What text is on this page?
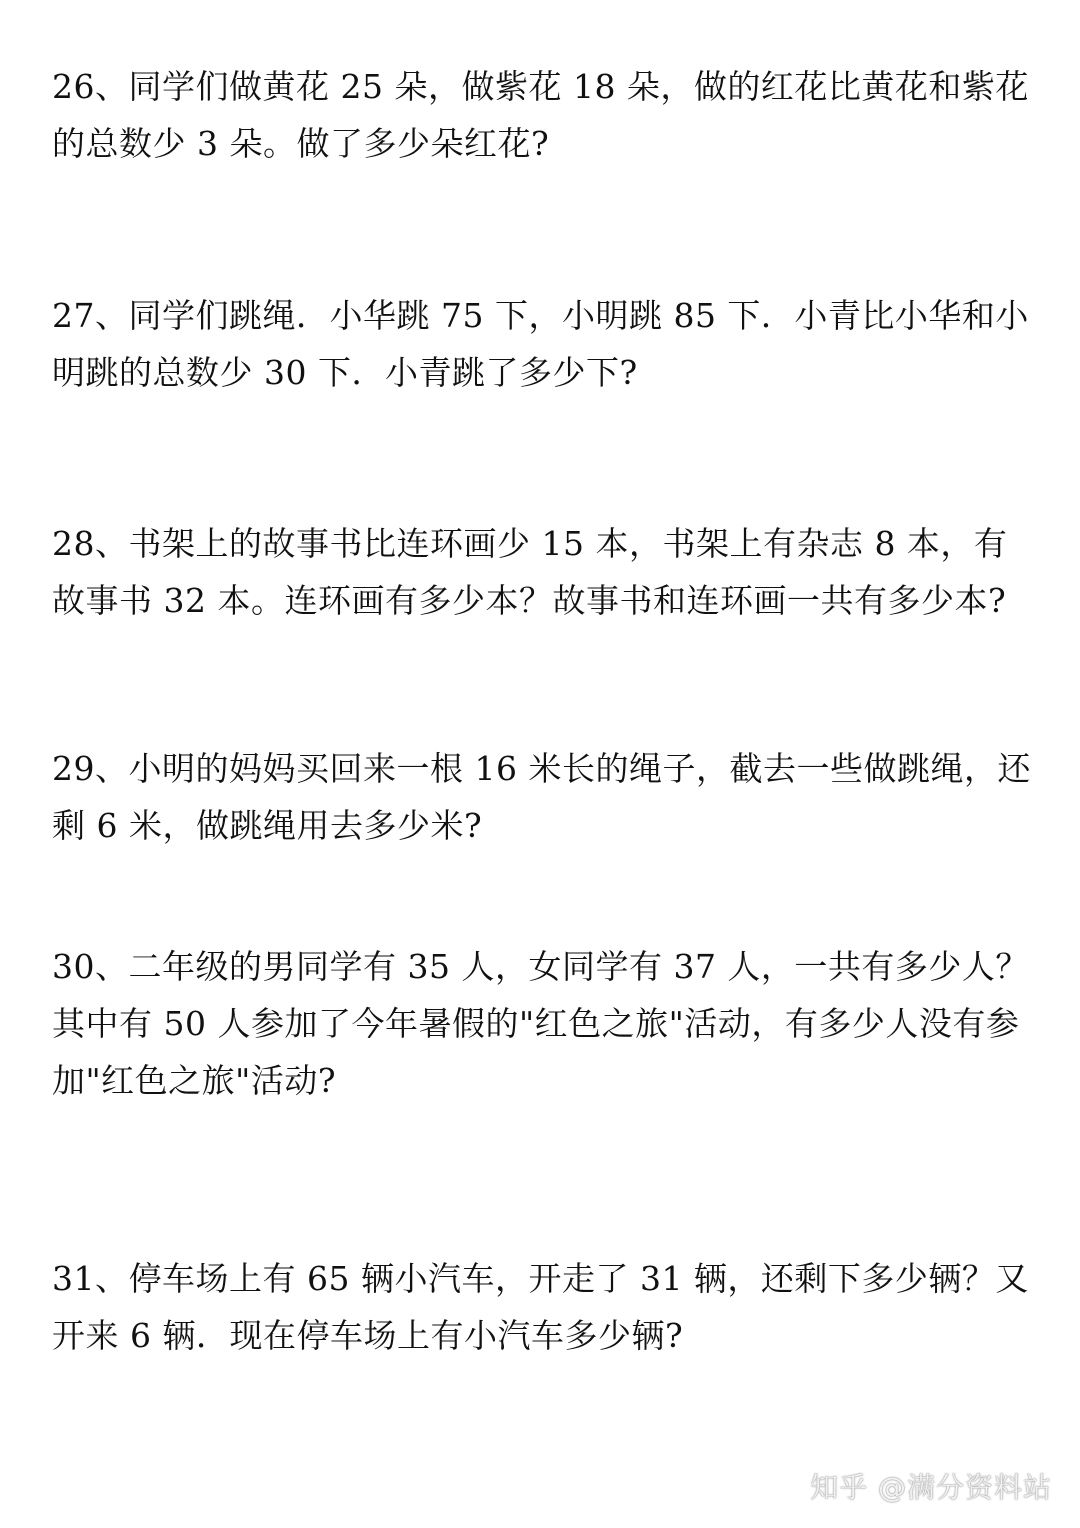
26、同学们做黄花 25 朵，做紫花 18 朵，做的红花比黄花和紫花的总数少 3 朵。做了多少朵红花?

27、同学们跳绳．小华跳 75 下，小明跳 85 下．小青比小华和小明跳的总数少 30 下．小青跳了多少下?

28、书架上的故事书比连环画少 15 本，书架上有杂志 8 本，有故事书 32 本。连环画有多少本？故事书和连环画一共有多少本?

29、小明的妈妈买回来一根 16 米长的绳子，截去一些做跳绳，还剩 6 米，做跳绳用去多少米?

30、二年级的男同学有 35 人，女同学有 37 人，一共有多少人？其中有 50 人参加了今年暑假的"红色之旅"活动，有多少人没有参加"红色之旅"活动?

31、停车场上有 65 辆小汽车，开走了 31 辆，还剩下多少辆？又开来 6 辆．现在停车场上有小汽车多少辆?

知乎 @满分资料站
